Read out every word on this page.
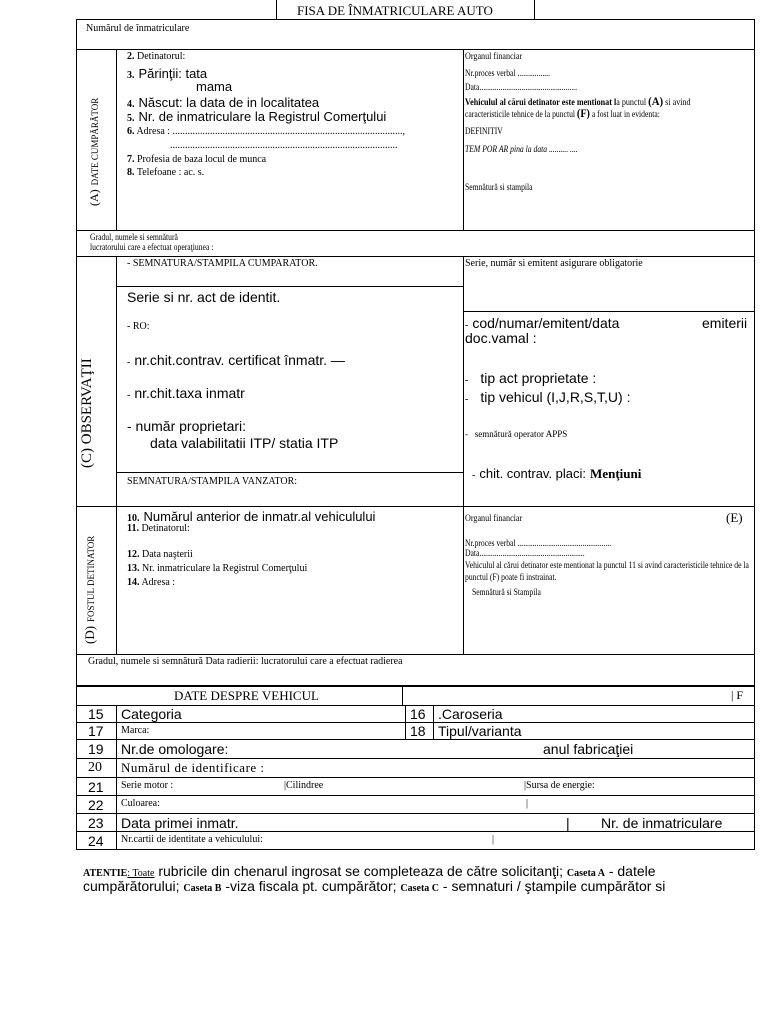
FISA DE ÎNMATRICULARE AUTO
Numărul de înmatriculare
(A) DATE CUMPĂRĂTOR
2. Detinatorul:
3. Părinţii: tata
mama
4. Născut: la data de in localitatea
5. Nr. de inmatriculare la Registrul Comerţului
6. Adresa : ............................................................................................,
...........................................................................................
7. Profesia de baza locul de munca
8. Telefoane : ac. s.
Organul financiar
Nr.proces verbal .................
Data...................................................
Vehiculul al cărui detinator este mentionat la punctul (A) si avind
caracteristicile tehnice de la punctul (F) a fost luat in evidenta:
DEFINITIV
TEM POR AR pina la data .......... ....
Semnătură si stampila
Gradul, numele si semnătură
lucratorului care a efectuat operaţiunea :
(C) OBSERVAŢII
- SEMNATURA/STAMPILA CUMPARATOR.
Serie si nr. act de identit.
- RO:
- nr.chit.contrav. certificat înmatr. —
- nr.chit.taxa inmatr
- număr proprietari:
data valabilitatii ITP/ statia ITP
SEMNATURA/STAMPILA VANZATOR:
Serie, număr si emitent asigurare obligatorie
- cod/numar/emitent/data	emiterii
doc.vamal :
- tip act proprietate :
- tip vehicul (I,J,R,S,T,U) :
- semnătură operator APPS
- chit. contrav. placi: Menţiuni
(D) FOSTUL DETINATOR
10. Numărul anterior de inmatr.al vehiculului
11. Detinatorul:
12. Data naşterii
13. Nr. inmatriculare la Registrul Comerţului
14. Adresa :
Organul financiar	(E)
Nr.proces verbal .................................................
Data.......................................................
Vehiculul al cărui detinator este mentionat la punctul 11 si avind caracteristicile tehnice de la punctul (F) poate fi instrainat.
Semnătură si Stampila
Gradul, numele si semnătură Data radierii: lucratorului care a efectuat radierea
DATE DESPRE VEHICUL	| F
15 Categoria	16 .Caroseria
17 Marca:	18 Tipul/varianta
19 Nr.de omologare:	anul fabricaţiei
20 Numărul de identificare :
21 Serie motor :	|Cilindree	|Sursa de energie:
22 Culoarea:	|
23 Data primei inmatr.	| Nr. de inmatriculare
24 Nr.cartii de identitate a vehiculului:	|
ATENTIE: Toate rubricile din chenarul ingrosat se completeaza de către solicitanţi; Caseta A - datele
cumpărătorului; Caseta B -viza fiscala pt. cumpărător; Caseta C - semnaturi / ştampile cumpărător si
